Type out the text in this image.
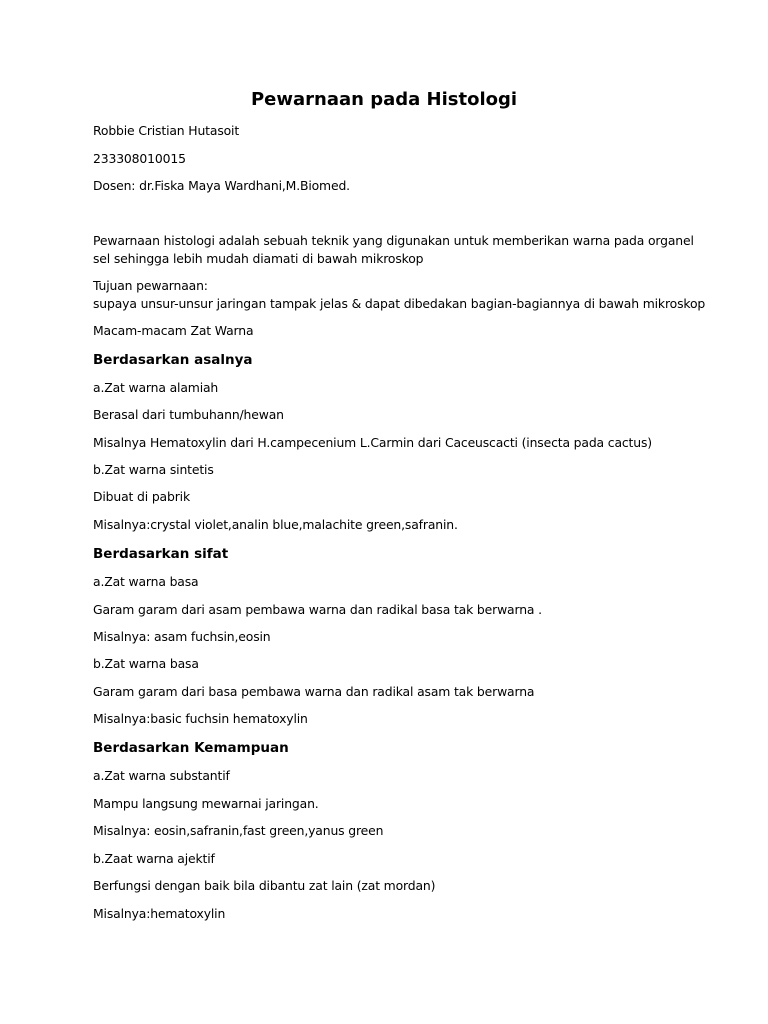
Pewarnaan pada Histologi

Robbie Cristian Hutasoit

233308010015

Dosen: dr.Fiska Maya Wardhani,M.Biomed.

Pewarnaan histologi adalah sebuah teknik yang digunakan untuk memberikan warna pada organel
sel sehingga lebih mudah diamati di bawah mikroskop

Tujuan pewarnaan:
supaya unsur-unsur jaringan tampak jelas & dapat dibedakan bagian-bagiannya di bawah mikroskop

Macam-macam Zat Warna

Berdasarkan asalnya

a.Zat warna alamiah

Berasal dari tumbuhann/hewan

Misalnya Hematoxylin dari H.campecenium L.Carmin dari Caceuscacti (insecta pada cactus)

b.Zat warna sintetis

Dibuat di pabrik

Misalnya:crystal violet,analin blue,malachite green,safranin.

Berdasarkan sifat

a.Zat warna basa

Garam garam dari asam pembawa warna dan radikal basa tak berwarna .

Misalnya: asam fuchsin,eosin

b.Zat warna basa

Garam garam dari basa pembawa warna dan radikal asam tak berwarna

Misalnya:basic fuchsin hematoxylin

Berdasarkan Kemampuan

a.Zat warna substantif

Mampu langsung mewarnai jaringan.

Misalnya: eosin,safranin,fast green,yanus green

b.Zaat warna ajektif

Berfungsi dengan baik bila dibantu zat lain (zat mordan)

Misalnya:hematoxylin
